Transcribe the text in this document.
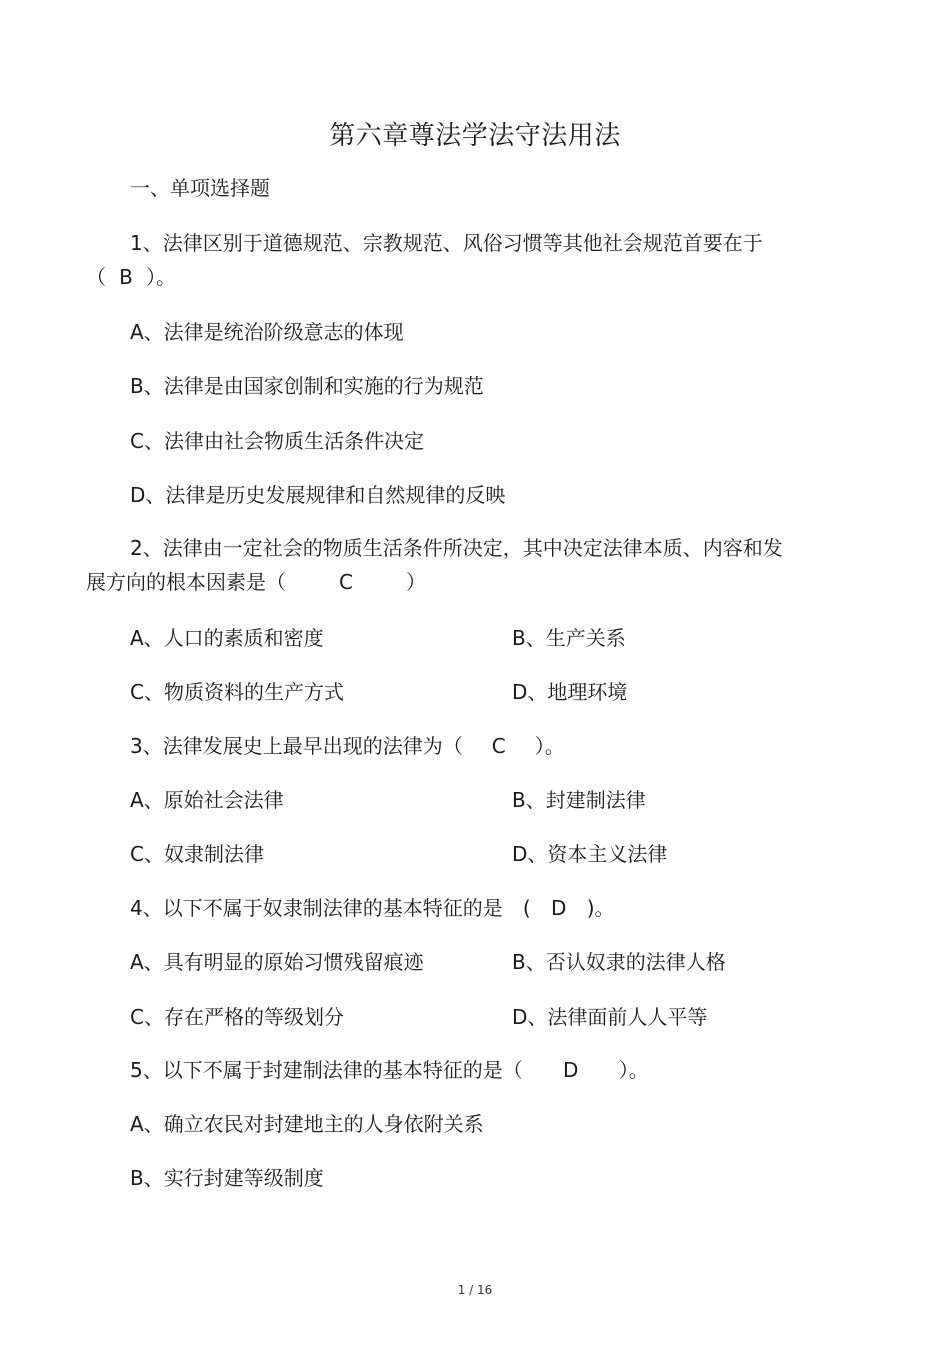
第六章尊法学法守法用法
一、单项选择题
1、法律区别于道德规范、宗教规范、风俗习惯等其他社会规范首要在于
（ B ）。
A、法律是统治阶级意志的体现
B、法律是由国家创制和实施的行为规范
C、法律由社会物质生活条件决定
D、法律是历史发展规律和自然规律的反映
2、法律由一定社会的物质生活条件所决定，其中决定法律本质、内容和发
展方向的根本因素是（	C	）
A、人口的素质和密度	B、生产关系
C、物质资料的生产方式	D、地理环境
3、法律发展史上最早出现的法律为（ C ）。
A、原始社会法律	B、封建制法律
C、奴隶制法律	D、资本主义法律
4、以下不属于奴隶制法律的基本特征的是 ( D )。
A、具有明显的原始习惯残留痕迹	B、否认奴隶的法律人格
C、存在严格的等级划分	D、法律面前人人平等
5、以下不属于封建制法律的基本特征的是（ D ）。
A、确立农民对封建地主的人身依附关系
B、实行封建等级制度
1 / 16
